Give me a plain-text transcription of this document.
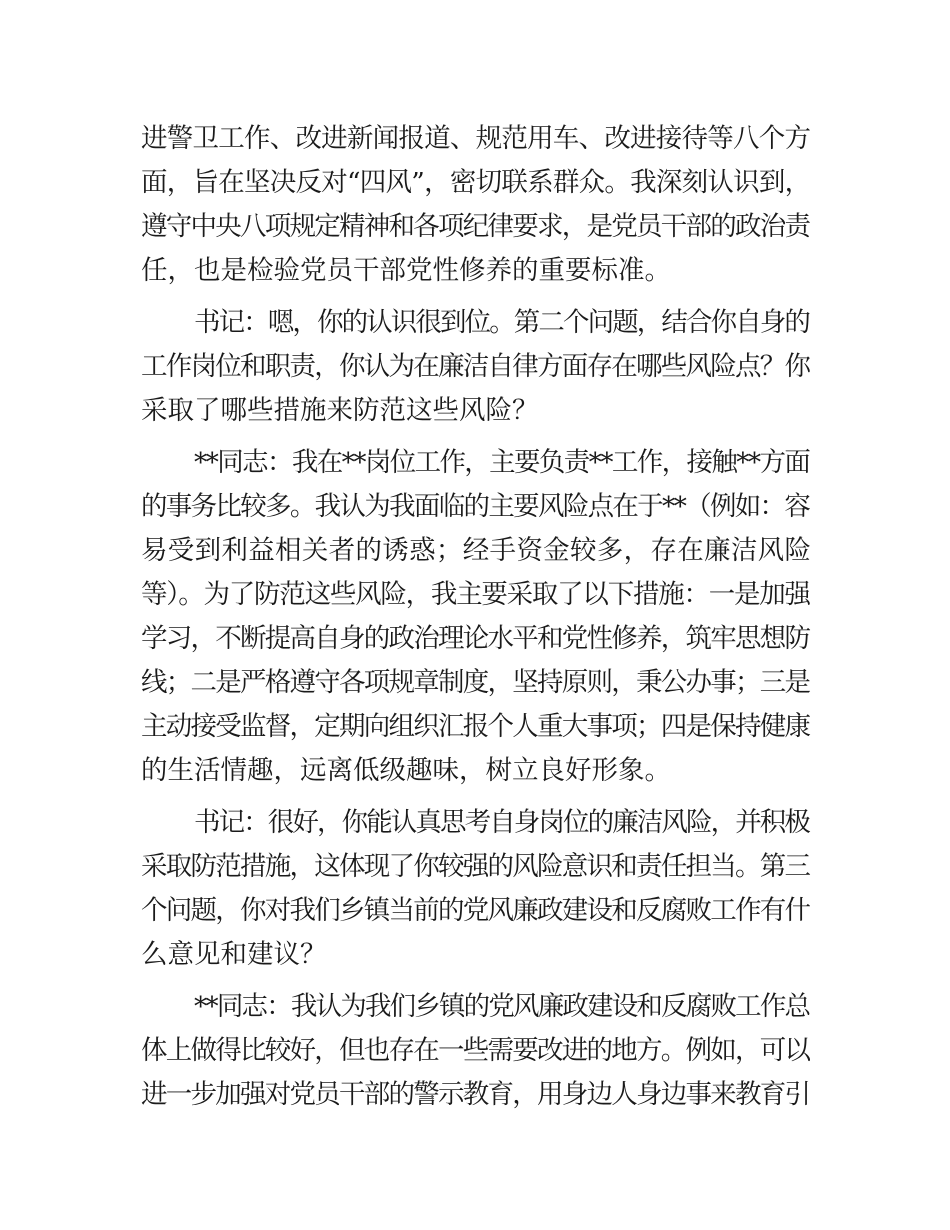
进警卫工作、改进新闻报道、规范用车、改进接待等八个方
面，旨在坚决反对“四风”，密切联系群众。我深刻认识到，
遵守中央八项规定精神和各项纪律要求，是党员干部的政治责
任，也是检验党员干部党性修养的重要标准。
书记：嗯，你的认识很到位。第二个问题，结合你自身的
工作岗位和职责，你认为在廉洁自律方面存在哪些风险点？你
采取了哪些措施来防范这些风险？
**同志：我在**岗位工作，主要负责**工作，接触**方面
的事务比较多。我认为我面临的主要风险点在于**（例如：容
易受到利益相关者的诱惑；经手资金较多，存在廉洁风险
等）。为了防范这些风险，我主要采取了以下措施：一是加强
学习，不断提高自身的政治理论水平和党性修养，筑牢思想防
线；二是严格遵守各项规章制度，坚持原则，秉公办事；三是
主动接受监督，定期向组织汇报个人重大事项；四是保持健康
的生活情趣，远离低级趣味，树立良好形象。
书记：很好，你能认真思考自身岗位的廉洁风险，并积极
采取防范措施，这体现了你较强的风险意识和责任担当。第三
个问题，你对我们乡镇当前的党风廉政建设和反腐败工作有什
么意见和建议？
**同志：我认为我们乡镇的党风廉政建设和反腐败工作总
体上做得比较好，但也存在一些需要改进的地方。例如，可以
进一步加强对党员干部的警示教育，用身边人身边事来教育引
